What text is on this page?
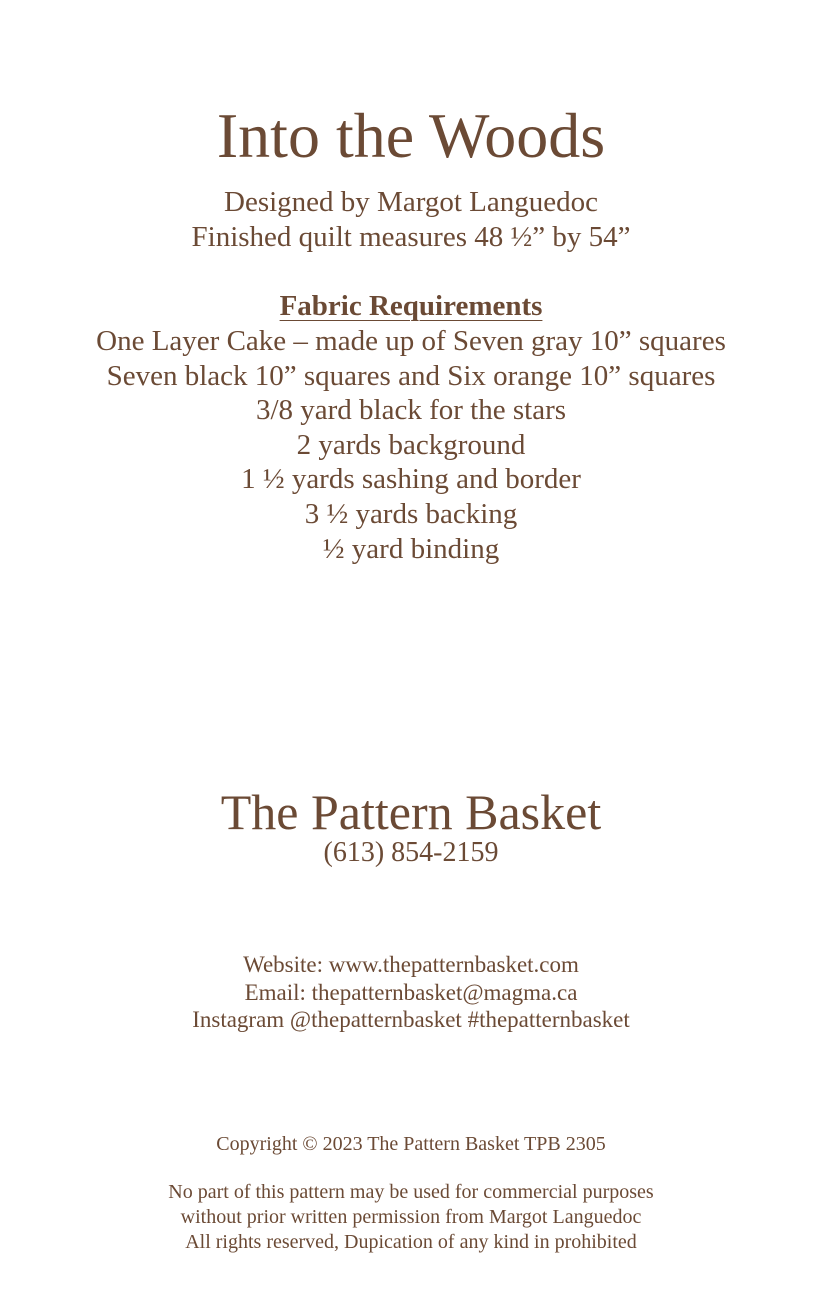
Into the Woods
Designed by Margot Languedoc
Finished quilt measures 48 ½” by 54”
Fabric Requirements
One Layer Cake – made up of Seven gray 10” squares
Seven black 10” squares and Six orange 10” squares
3/8 yard black for the stars
2 yards background
1 ½ yards sashing and border
3 ½ yards backing
½ yard binding
The Pattern Basket
(613) 854-2159
Website: www.thepatternbasket.com
Email: thepatternbasket@magma.ca
Instagram @thepatternbasket #thepatternbasket
Copyright © 2023 The Pattern Basket TPB 2305
No part of this pattern may be used for commercial purposes
without prior written permission from Margot Languedoc
All rights reserved, Dupication of any kind in prohibited
